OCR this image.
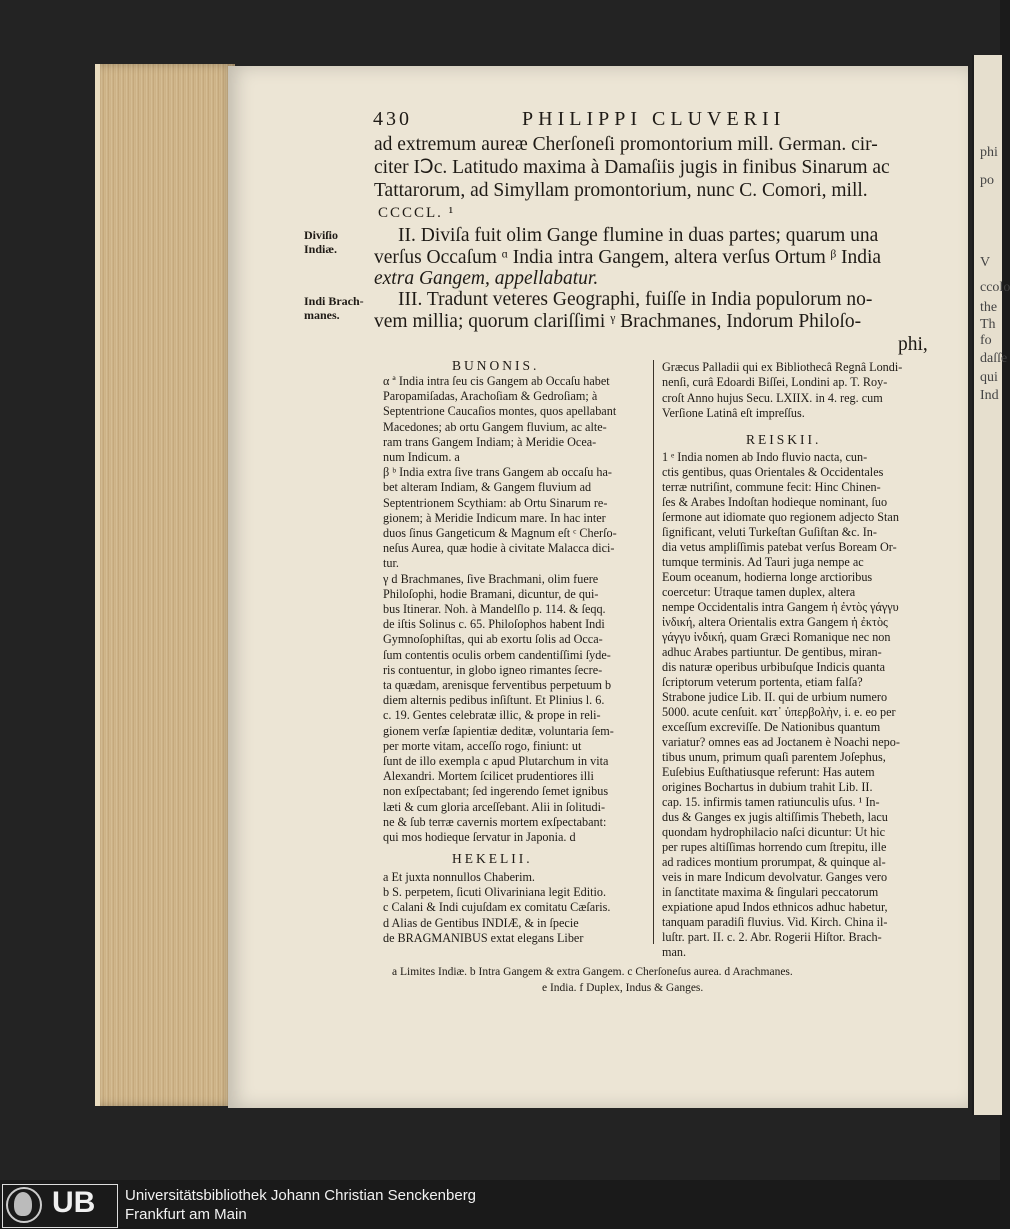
phi
po
V
ccolo
the
Th
fo
daſſe
qui
Ind
430	PHILIPPI CLUVERII
ad extremum aureæ Cherſoneſi promontorium mill. German. cir-
citer IↃc. Latitudo maxima à Damaſiis jugis in finibus Sinarum ac
Tattarorum, ad Simyllam promontorium, nunc C. Comori, mill.
CCCCL. ¹
II. Diviſa fuit olim Gange flumine in duas partes; quarum una
verſus Occaſum ᵅ India intra Gangem, altera verſus Ortum ᵝ India
extra Gangem, appellabatur.
III. Tradunt veteres Geographi, fuiſſe in India populorum no-
vem millia; quorum clariſſimi ᵞ Brachmanes, Indorum Philoſo-
phi,
Diviſio
Indiæ.
Indi Brach-
manes.
BUNONIS.
α ª India intra ſeu cis Gangem ab Occaſu habet
Paropamiſadas, Arachoſiam & Gedroſiam; à
Septentrione Caucaſios montes, quos apellabant
Macedones; ab ortu Gangem fluvium, ac alte-
ram trans Gangem Indiam; à Meridie Ocea-
num Indicum. a
β ᵇ India extra ſive trans Gangem ab occaſu ha-
bet alteram Indiam, & Gangem fluvium ad
Septentrionem Scythiam: ab Ortu Sinarum re-
gionem; à Meridie Indicum mare. In hac inter
duos ſinus Gangeticum & Magnum eſt ᶜ Cherſo-
neſus Aurea, quæ hodie à civitate Malacca dici-
tur.
γ d Brachmanes, ſive Brachmani, olim fuere
Philoſophi, hodie Bramani, dicuntur, de qui-
bus Itinerar. Noh. à Mandelſlo p. 114. & ſeqq.
de iſtis Solinus c. 65. Philoſophos habent Indi
Gymnoſophiſtas, qui ab exortu ſolis ad Occa-
ſum contentis oculis orbem candentiſſimi ſyde-
ris contuentur, in globo igneo rimantes ſecre-
ta quædam, arenisque ferventibus perpetuum b
diem alternis pedibus inſiſtunt. Et Plinius l. 6.
c. 19. Gentes celebratæ illic, & prope in reli-
gionem verſæ ſapientiæ deditæ, voluntaria ſem-
per morte vitam, acceſſo rogo, finiunt: ut
ſunt de illo exempla c apud Plutarchum in vita
Alexandri. Mortem ſcilicet prudentiores illi
non exſpectabant; ſed ingerendo ſemet ignibus
læti & cum gloria arceſſebant. Alii in ſolitudi-
ne & ſub terræ cavernis mortem exſpectabant:
qui mos hodieque ſervatur in Japonia. d
HEKELII.
a Et juxta nonnullos Chaberim.
b S. perpetem, ſicuti Olivariniana legit Editio.
c Calani & Indi cujuſdam ex comitatu Cæſaris.
d Alias de Gentibus INDIÆ, & in ſpecie
de BRAGMANIBUS extat elegans Liber
Græcus Palladii qui ex Bibliothecâ Regnâ Londi-
nenſi, curâ Edoardi Biſſei, Londini ap. T. Roy-
croſt Anno hujus Secu. LXIIX. in 4. reg. cum
Verſione Latinâ eſt impreſſus.
REISKII.
1 ᵉ India nomen ab Indo fluvio nacta, cun-
ctis gentibus, quas Orientales & Occidentales
terræ nutriſint, commune fecit: Hinc Chinen-
ſes & Arabes Indoſtan hodieque nominant, ſuo
ſermone aut idiomate quo regionem adjecto Stan
ſignificant, veluti Turkeſtan Guſiſtan &c. In-
dia vetus ampliſſimis patebat verſus Boream Or-
tumque terminis. Ad Tauri juga nempe ac
Eoum oceanum, hodierna longe arctioribus
coercetur: Utraque tamen duplex, altera
nempe Occidentalis intra Gangem ἡ ἐντὸς γάγγυ
ἰνδική, altera Orientalis extra Gangem ἡ ἐκτὸς
γάγγυ ἰνδική, quam Græci Romanique nec non
adhuc Arabes partiuntur. De gentibus, miran-
dis naturæ operibus urbibuſque Indicis quanta
ſcriptorum veterum portenta, etiam falſa?
Strabone judice Lib. II. qui de urbium numero
5000. acute cenſuit. κατ᾿ ὑπερβολὴν, i. e. eo per
exceſſum excreviſſe. De Nationibus quantum
variatur? omnes eas ad Joctanem è Noachi nepo-
tibus unum, primum quaſi parentem Joſephus,
Euſebius Euſthatiusque referunt: Has autem
origines Bochartus in dubium trahit Lib. II.
cap. 15. infirmis tamen ratiunculis uſus. ¹ In-
dus & Ganges ex jugis altiſſimis Thebeth, lacu
quondam hydrophilacio naſci dicuntur: Ut hic
per rupes altiſſimas horrendo cum ſtrepitu, ille
ad radices montium prorumpat, & quinque al-
veis in mare Indicum devolvatur. Ganges vero
in ſanctitate maxima & ſingulari peccatorum
expiatione apud Indos ethnicos adhuc habetur,
tanquam paradiſi fluvius. Vid. Kirch. China il-
luſtr. part. II. c. 2. Abr. Rogerii Hiſtor. Brach-
man.
a Limites Indiæ. b Intra Gangem & extra Gangem. c Cherſoneſus aurea. d Arachmanes.
e India. f Duplex, Indus & Ganges.
UB Universitätsbibliothek Johann Christian Senckenberg
Frankfurt am Main
